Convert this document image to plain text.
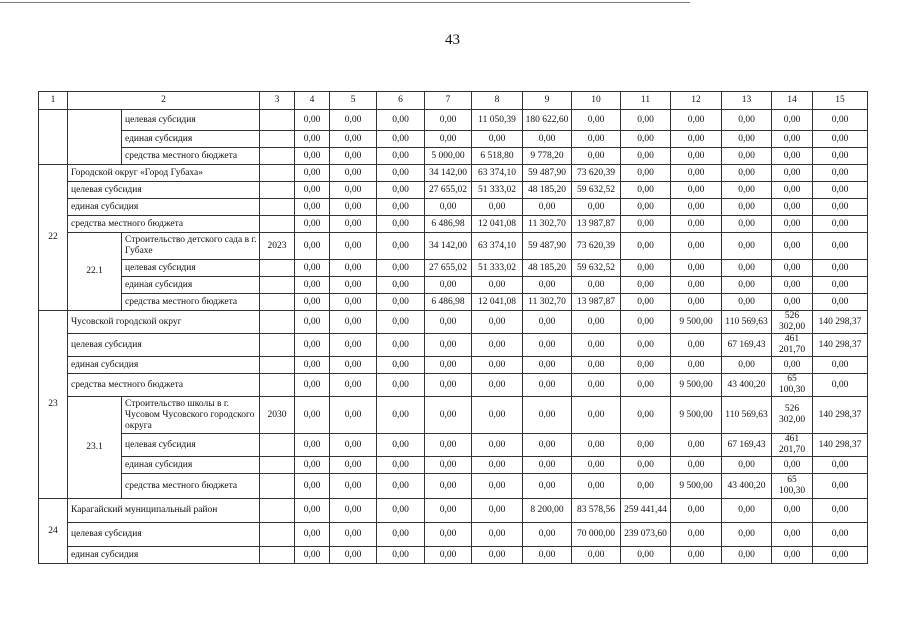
43
1	2		3	4	5	6	7	8	9	10	11	12	13	14	15
		целевая субсидия		0,00	0,00	0,00	0,00	11 050,39	180 622,60	0,00	0,00	0,00	0,00	0,00	0,00
		единая субсидия		0,00	0,00	0,00	0,00	0,00	0,00	0,00	0,00	0,00	0,00	0,00	0,00
		средства местного бюджета		0,00	0,00	0,00	5 000,00	6 518,80	9 778,20	0,00	0,00	0,00	0,00	0,00	0,00
22	Городской округ «Город Губаха»			0,00	0,00	0,00	34 142,00	63 374,10	59 487,90	73 620,39	0,00	0,00	0,00	0,00	0,00
	целевая субсидия			0,00	0,00	0,00	27 655,02	51 333,02	48 185,20	59 632,52	0,00	0,00	0,00	0,00	0,00
	единая субсидия			0,00	0,00	0,00	0,00	0,00	0,00	0,00	0,00	0,00	0,00	0,00	0,00
	средства местного бюджета			0,00	0,00	0,00	6 486,98	12 041,08	11 302,70	13 987,87	0,00	0,00	0,00	0,00	0,00
	22.1	Строительство детского сада в г. Губахе	2023	0,00	0,00	0,00	34 142,00	63 374,10	59 487,90	73 620,39	0,00	0,00	0,00	0,00	0,00
		целевая субсидия		0,00	0,00	0,00	27 655,02	51 333,02	48 185,20	59 632,52	0,00	0,00	0,00	0,00	0,00
		единая субсидия		0,00	0,00	0,00	0,00	0,00	0,00	0,00	0,00	0,00	0,00	0,00	0,00
		средства местного бюджета		0,00	0,00	0,00	6 486,98	12 041,08	11 302,70	13 987,87	0,00	0,00	0,00	0,00	0,00
23	Чусовской городской округ			0,00	0,00	0,00	0,00	0,00	0,00	0,00	0,00	9 500,00	110 569,63	526 302,00	140 298,37
	целевая субсидия			0,00	0,00	0,00	0,00	0,00	0,00	0,00	0,00	0,00	67 169,43	461 201,70	140 298,37
	единая субсидия			0,00	0,00	0,00	0,00	0,00	0,00	0,00	0,00	0,00	0,00	0,00	0,00
	средства местного бюджета			0,00	0,00	0,00	0,00	0,00	0,00	0,00	0,00	9 500,00	43 400,20	65 100,30	0,00
	23.1	Строительство школы в г. Чусовом Чусовского городского округа	2030	0,00	0,00	0,00	0,00	0,00	0,00	0,00	0,00	9 500,00	110 569,63	526 302,00	140 298,37
		целевая субсидия		0,00	0,00	0,00	0,00	0,00	0,00	0,00	0,00	0,00	67 169,43	461 201,70	140 298,37
		единая субсидия		0,00	0,00	0,00	0,00	0,00	0,00	0,00	0,00	0,00	0,00	0,00	0,00
		средства местного бюджета		0,00	0,00	0,00	0,00	0,00	0,00	0,00	0,00	9 500,00	43 400,20	65 100,30	0,00
24	Карагайский муниципальный район			0,00	0,00	0,00	0,00	0,00	8 200,00	83 578,56	259 441,44	0,00	0,00	0,00	0,00
	целевая субсидия			0,00	0,00	0,00	0,00	0,00	0,00	70 000,00	239 073,60	0,00	0,00	0,00	0,00
	единая субсидия			0,00	0,00	0,00	0,00	0,00	0,00	0,00	0,00	0,00	0,00	0,00	0,00
